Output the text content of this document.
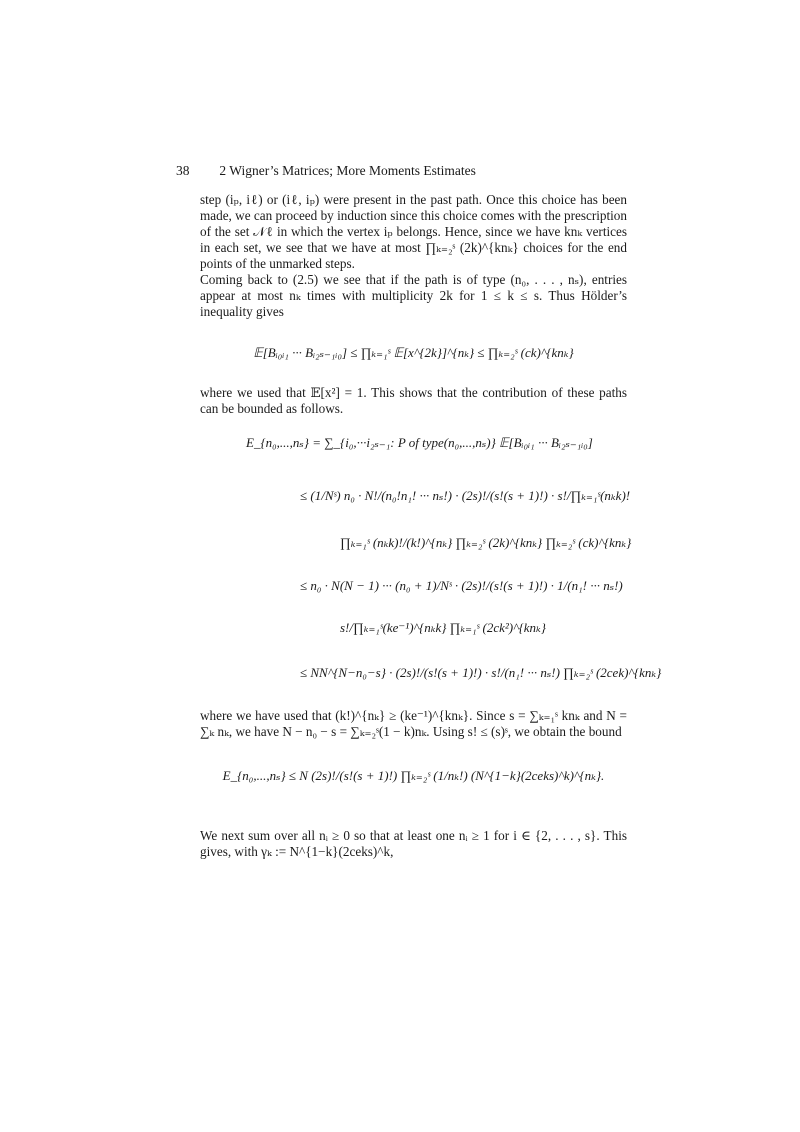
38 2 Wigner’s Matrices; More Moments Estimates

step (iₚ, iℓ) or (iℓ, iₚ) were present in the past path. Once this choice has been made, we can proceed by induction since this choice comes with the prescription of the set 𝒩ℓ in which the vertex iₚ belongs. Hence, since we have knₖ vertices in each set, we see that we have at most ∏ₖ₌₂ˢ (2k)^{knₖ} choices for the end points of the unmarked steps.

Coming back to (2.5) we see that if the path is of type (n₀, . . . , nₛ), entries appear at most nₖ times with multiplicity 2k for 1 ≤ k ≤ s. Thus Hölder’s inequality gives

𝔼[Bᵢ₀ᵢ₁ ··· Bᵢ₂ₛ₋₁ᵢ₀] ≤ ∏ₖ₌₁ˢ 𝔼[x^{2k}]^{nₖ} ≤ ∏ₖ₌₂ˢ (ck)^{knₖ}

where we used that 𝔼[x²] = 1. This shows that the contribution of these paths can be bounded as follows.

E_{n₀,...,nₛ} = ∑_{i₀,···i₂ₛ₋₁: P of type(n₀,...,nₛ)} 𝔼[Bᵢ₀ᵢ₁ ··· Bᵢ₂ₛ₋₁ᵢ₀]
≤ (1/Nˢ) n₀ · N!/(n₀!n₁! ··· nₛ!) · (2s)!/(s!(s + 1)!) · s!/∏ₖ₌₁ˢ(nₖk)!
∏ₖ₌₁ˢ (nₖk)!/(k!)^{nₖ} ∏ₖ₌₂ˢ (2k)^{knₖ} ∏ₖ₌₂ˢ (ck)^{knₖ}
≤ n₀ · N(N − 1) ··· (n₀ + 1)/Nˢ · (2s)!/(s!(s + 1)!) · 1/(n₁! ··· nₛ!)
s!/∏ₖ₌₁ˢ(ke⁻¹)^{nₖk} ∏ₖ₌₁ˢ (2ck²)^{knₖ}
≤ NN^{N−n₀−s} · (2s)!/(s!(s + 1)!) · s!/(n₁! ··· nₛ!) ∏ₖ₌₂ˢ (2cek)^{knₖ}

where we have used that (k!)^{nₖ} ≥ (ke⁻¹)^{knₖ}. Since s = ∑ₖ₌₁ˢ knₖ and N = ∑ₖ nₖ, we have N − n₀ − s = ∑ₖ₌₂ˢ(1 − k)nₖ. Using s! ≤ (s)ˢ, we obtain the bound

E_{n₀,...,nₛ} ≤ N (2s)!/(s!(s + 1)!) ∏ₖ₌₂ˢ (1/nₖ!) (N^{1−k}(2ceks)^k)^{nₖ}.

We next sum over all nᵢ ≥ 0 so that at least one nᵢ ≥ 1 for i ∈ {2, . . . , s}. This gives, with γₖ := N^{1−k}(2ceks)^k,
